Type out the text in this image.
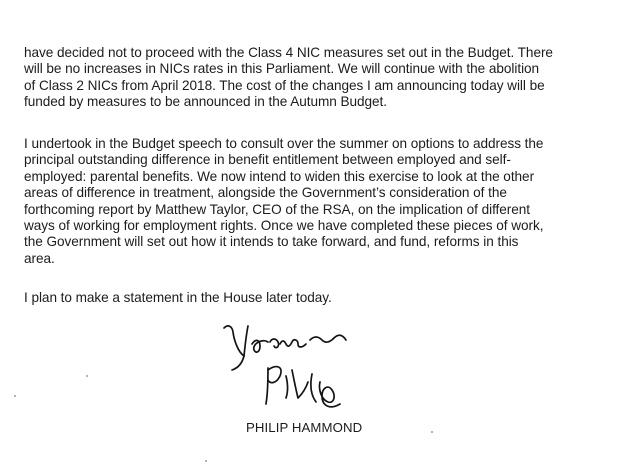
have decided not to proceed with the Class 4 NIC measures set out in the Budget. There
will be no increases in NICs rates in this Parliament. We will continue with the abolition
of Class 2 NICs from April 2018. The cost of the changes I am announcing today will be
funded by measures to be announced in the Autumn Budget.

I undertook in the Budget speech to consult over the summer on options to address the
principal outstanding difference in benefit entitlement between employed and self-
employed: parental benefits. We now intend to widen this exercise to look at the other
areas of difference in treatment, alongside the Government’s consideration of the
forthcoming report by Matthew Taylor, CEO of the RSA, on the implication of different
ways of working for employment rights. Once we have completed these pieces of work,
the Government will set out how it intends to take forward, and fund, reforms in this
area.

I plan to make a statement in the House later today.

PHILIP HAMMOND
